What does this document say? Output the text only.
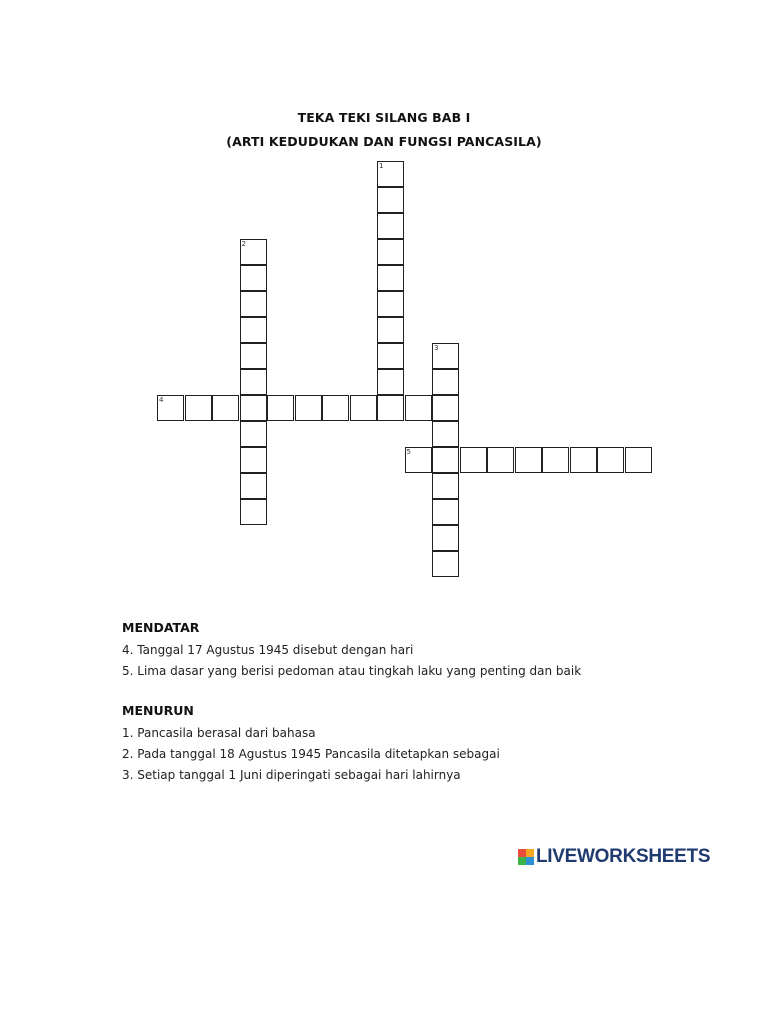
TEKA TEKI SILANG BAB I
(ARTI KEDUDUKAN DAN FUNGSI PANCASILA)
1
2
3
4
5
MENDATAR
4. Tanggal 17 Agustus 1945 disebut dengan hari
5. Lima dasar yang berisi pedoman atau tingkah laku yang penting dan baik
MENURUN
1. Pancasila berasal dari bahasa
2. Pada tanggal 18 Agustus 1945 Pancasila ditetapkan sebagai
3. Setiap tanggal 1 Juni diperingati sebagai hari lahirnya
LIVEWORKSHEETS
